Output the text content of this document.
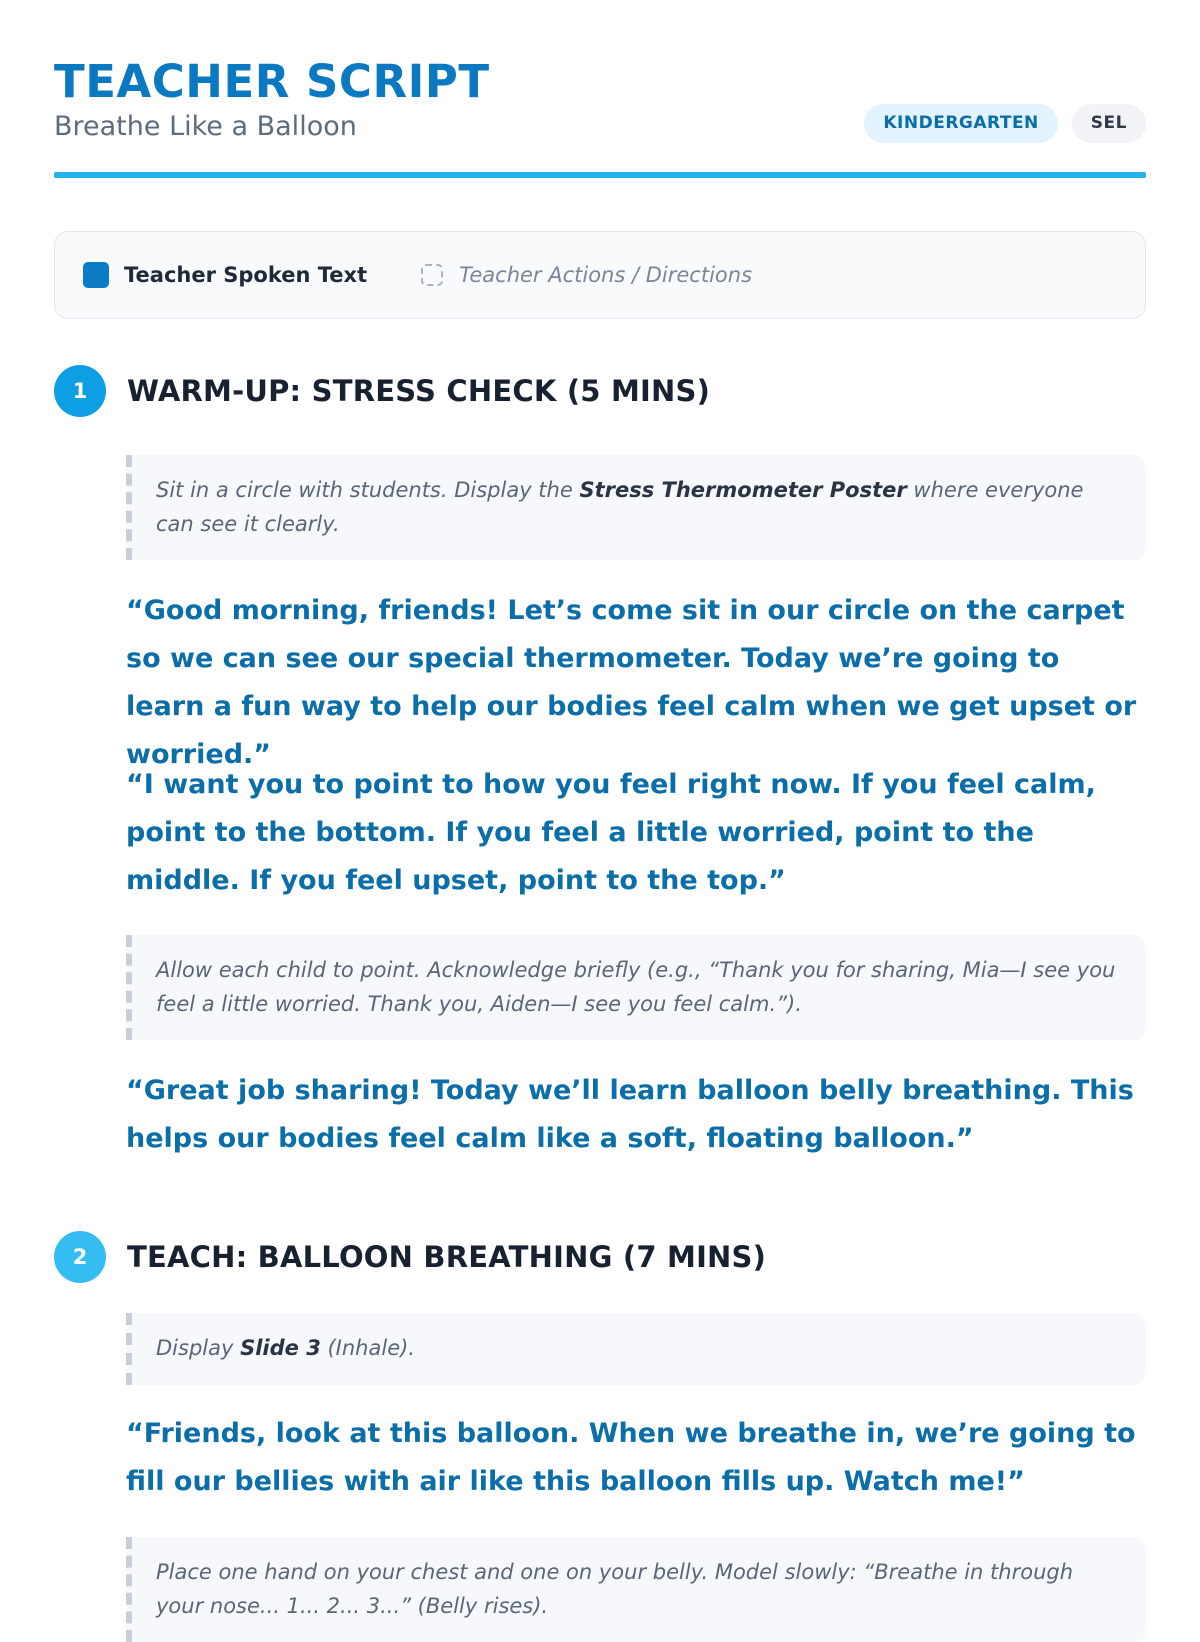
TEACHER SCRIPT
Breathe Like a Balloon	KINDERGARTEN	SEL
Teacher Spoken Text	Teacher Actions / Directions
1	WARM-UP: STRESS CHECK (5 MINS)
Sit in a circle with students. Display the Stress Thermometer Poster where everyone can see it clearly.

“Good morning, friends! Let’s come sit in our circle on the carpet so we can see our special thermometer. Today we’re going to learn a fun way to help our bodies feel calm when we get upset or worried.”

“I want you to point to how you feel right now. If you feel calm, point to the bottom. If you feel a little worried, point to the middle. If you feel upset, point to the top.”

Allow each child to point. Acknowledge briefly (e.g., “Thank you for sharing, Mia—I see you feel a little worried. Thank you, Aiden—I see you feel calm.”).

“Great job sharing! Today we’ll learn balloon belly breathing. This helps our bodies feel calm like a soft, floating balloon.”

2	TEACH: BALLOON BREATHING (7 MINS)
Display Slide 3 (Inhale).

“Friends, look at this balloon. When we breathe in, we’re going to fill our bellies with air like this balloon fills up. Watch me!”

Place one hand on your chest and one on your belly. Model slowly: “Breathe in through your nose... 1... 2... 3...” (Belly rises).
